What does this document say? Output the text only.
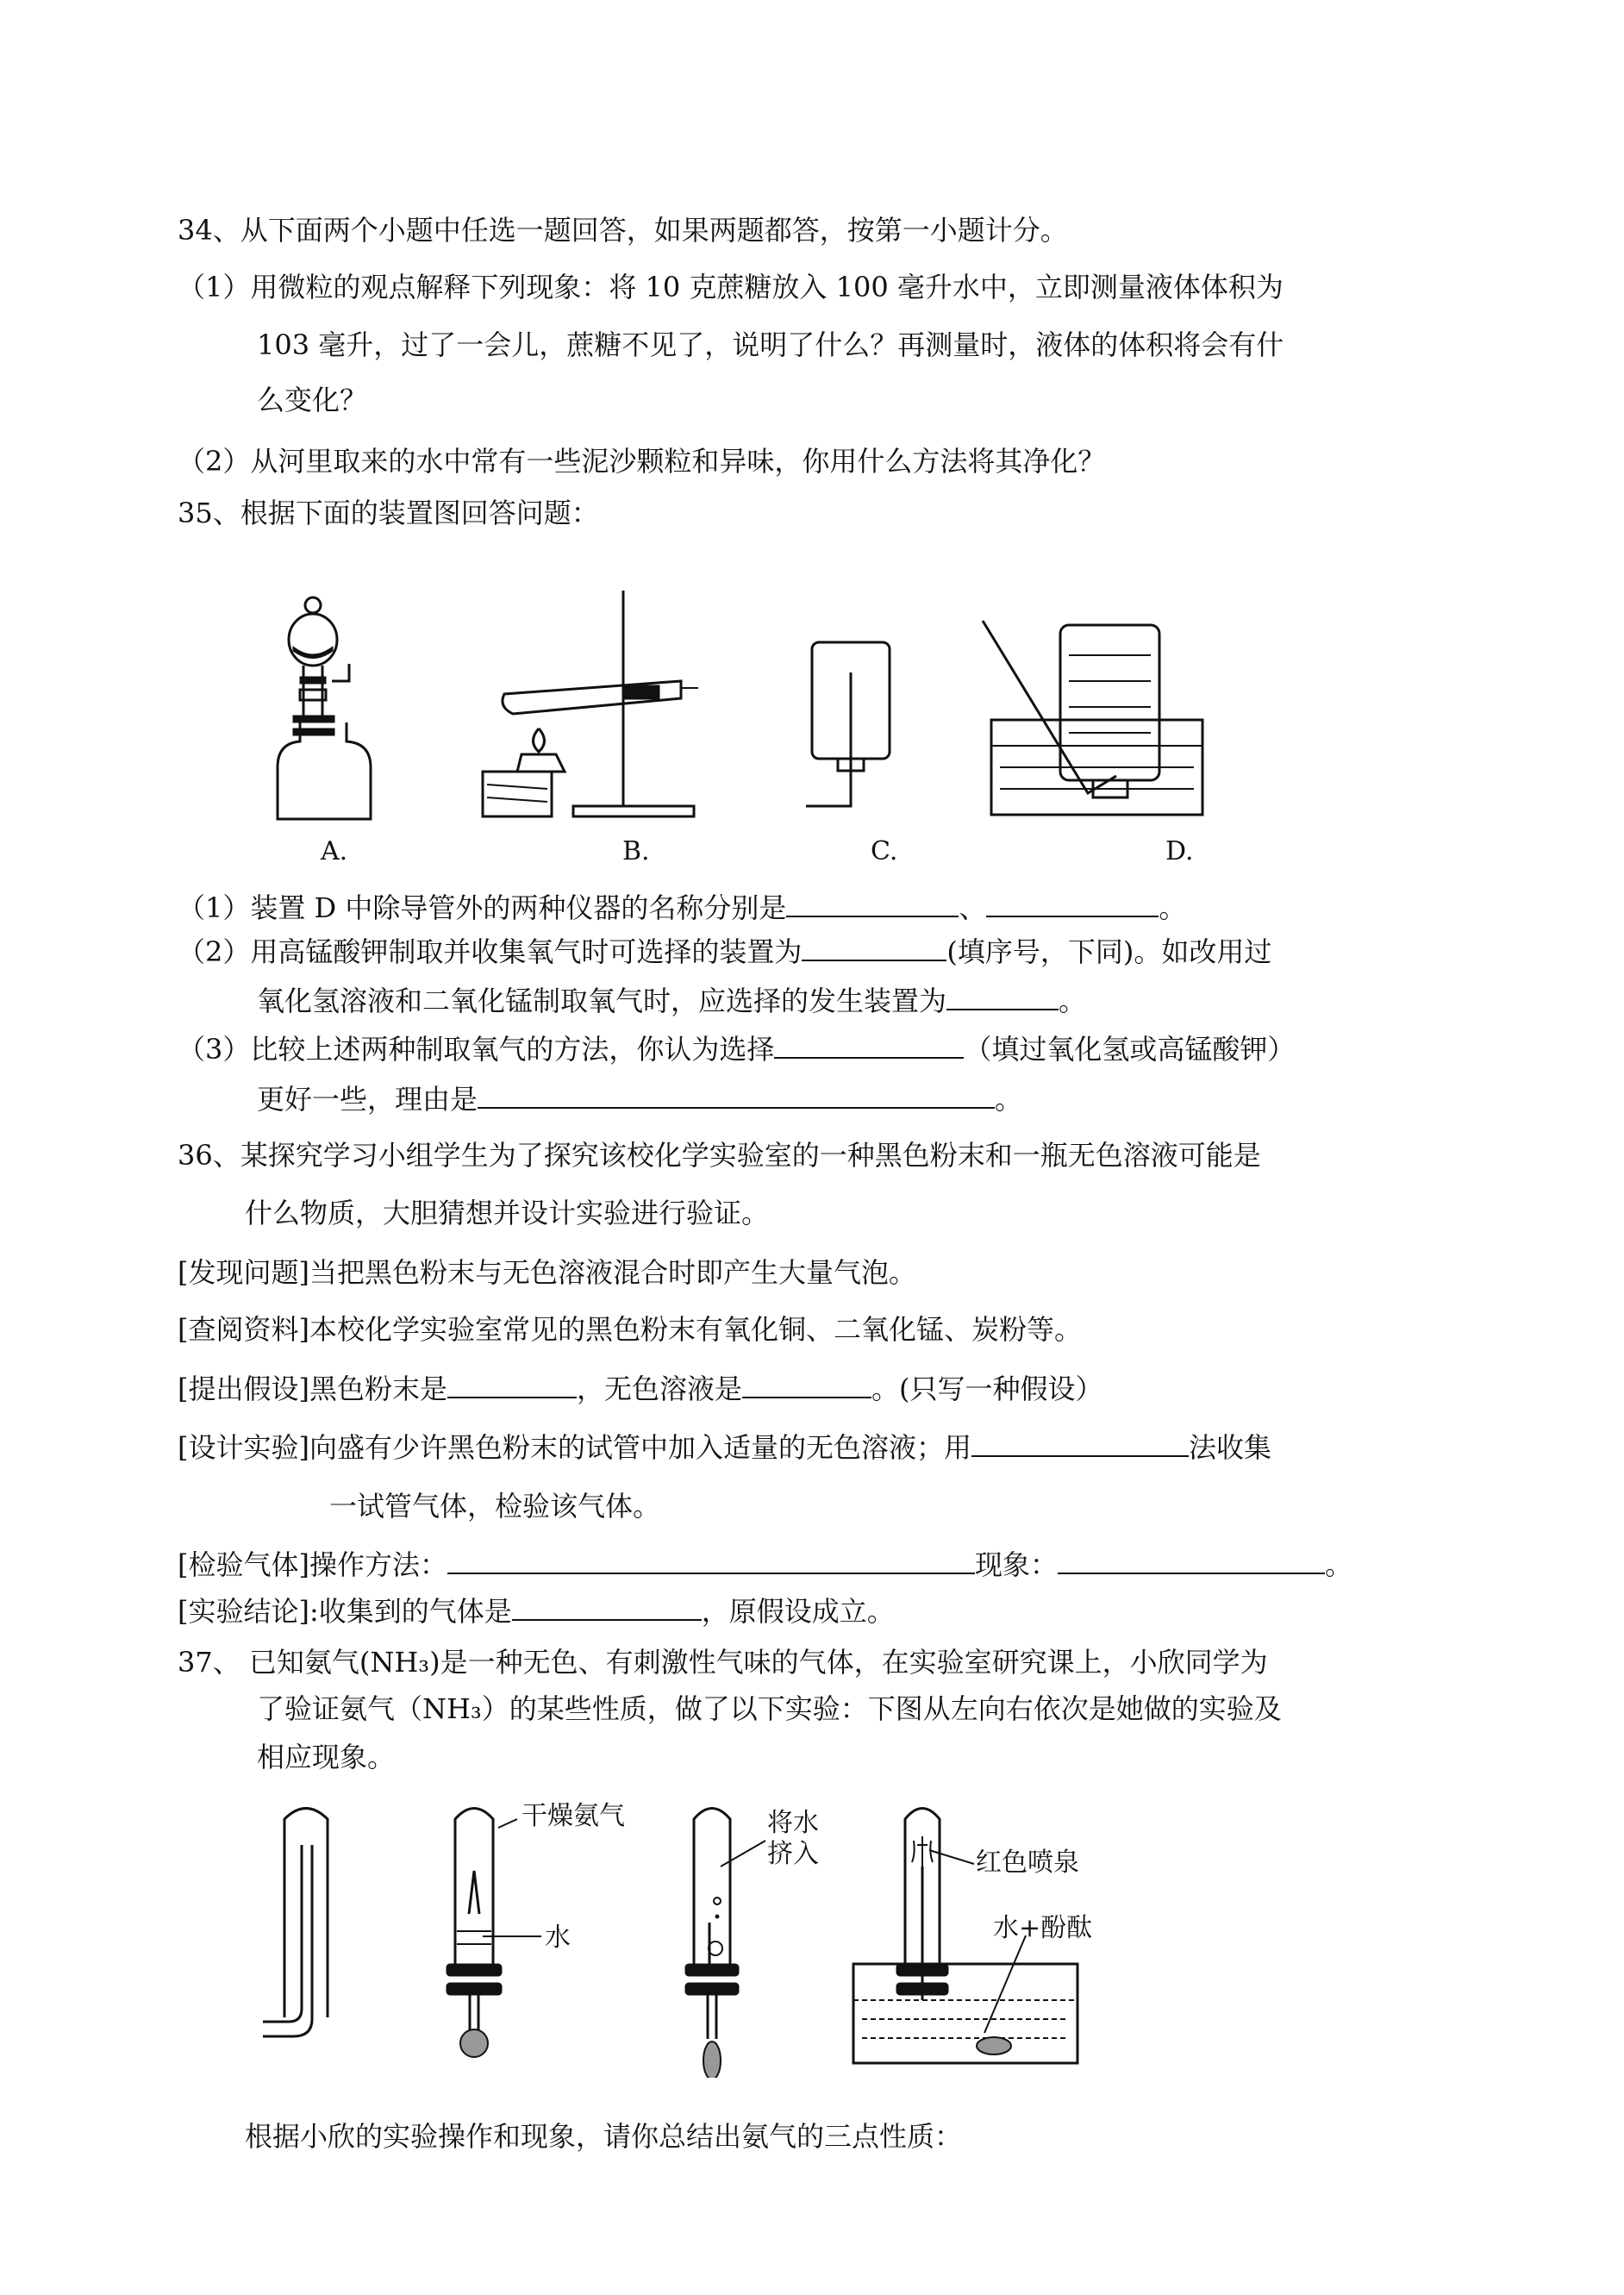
34、从下面两个小题中任选一题回答，如果两题都答，按第一小题计分。
（1）用微粒的观点解释下列现象：将 10 克蔗糖放入 100 毫升水中，立即测量液体体积为
103 毫升，过了一会儿，蔗糖不见了，说明了什么？再测量时，液体的体积将会有什
么变化？
（2）从河里取来的水中常有一些泥沙颗粒和异味，你用什么方法将其净化？
35、根据下面的装置图回答问题：
A.	B.	C.	D.
（1）装置 D 中除导管外的两种仪器的名称分别是	、	。
（2）用高锰酸钾制取并收集氧气时可选择的装置为	(填序号，下同)。如改用过
氧化氢溶液和二氧化锰制取氧气时，应选择的发生装置为	。
（3）比较上述两种制取氧气的方法，你认为选择	（填过氧化氢或高锰酸钾）
更好一些，理由是	。
36、某探究学习小组学生为了探究该校化学实验室的一种黑色粉末和一瓶无色溶液可能是
什么物质，大胆猜想并设计实验进行验证。
[发现问题]当把黑色粉末与无色溶液混合时即产生大量气泡。
[查阅资料]本校化学实验室常见的黑色粉末有氧化铜、二氧化锰、炭粉等。
[提出假设]黑色粉末是	，无色溶液是	。(只写一种假设）
[设计实验]向盛有少许黑色粉末的试管中加入适量的无色溶液；用	法收集
一试管气体，检验该气体。
[检验气体]操作方法：	现象：	。
[实验结论]:收集到的气体是	，原假设成立。
37、 已知氨气(NH₃)是一种无色、有刺激性气味的气体，在实验室研究课上，小欣同学为
了验证氨气（NH₃）的某些性质，做了以下实验：下图从左向右依次是她做的实验及
相应现象。
干燥氨气
水
将水
挤入	红色喷泉
水+酚酞
根据小欣的实验操作和现象，请你总结出氨气的三点性质：
